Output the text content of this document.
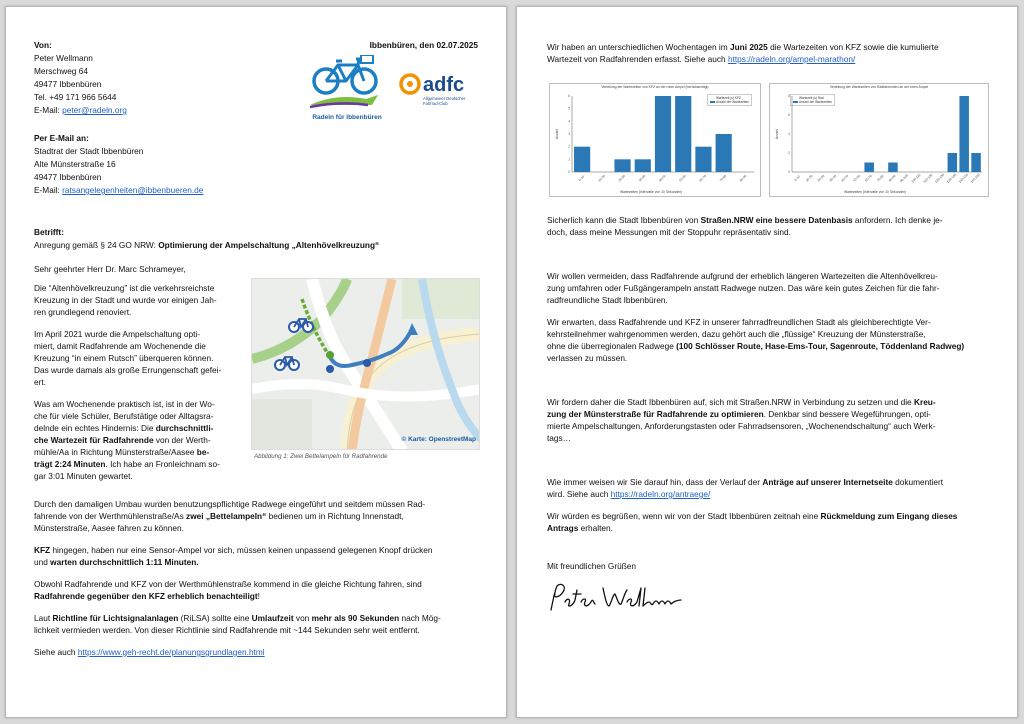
Von:
Peter Wellmann
Merschweg 64
49477 Ibbenbüren
Tel. +49 171 966 5644
E-Mail: peter@radeln.org
Ibbenbüren, den 02.07.2025
Radeln für Ibbenbüren
adfc
Allgemeiner Deutscher
Fahrrad-Club
Per E-Mail an:
Stadtrat der Stadt Ibbenbüren
Alte Münsterstraße 16
49477 Ibbenbüren
E-Mail: ratsangelegenheiten@ibbenbueren.de
Betrifft:
Anregung gemäß § 24 GO NRW: Optimierung der Ampelschaltung „Altenhövelkreuzung“
Sehr geehrter Herr Dr. Marc Schrameyer,
Die “Altenhövelkreuzung” ist die verkehrsreichste
Kreuzung in der Stadt und wurde vor einigen Jah-
ren grundlegend renoviert.
Im April 2021 wurde die Ampelschaltung opti-
miert, damit Radfahrende am Wochenende die
Kreuzung “in einem Rutsch” überqueren können.
Das wurde damals als große Errungenschaft gefei-
ert.
Was am Wochenende praktisch ist, ist in der Wo-
che für viele Schüler, Berufstätige oder Alltagsra-
delnde ein echtes Hindernis: Die durchschnittli-
che Wartezeit für Radfahrende von der Werth-
mühle/Aa in Richtung Münsterstraße/Aasee be-
trägt 2:24 Minuten. Ich habe an Fronleichnam so-
gar 3:01 Minuten gewartet.
© Karte: OpenstreetMap
Abbildung 1: Zwei Bettelampeln für Radfahrende
Durch den damaligen Umbau wurden benutzungspflichtige Radwege eingeführt und seitdem müssen Rad-
fahrende von der Werthmühlenstraße/As zwei „Bettelampeln“ bedienen um in Richtung Innenstadt,
Münsterstraße, Aasee fahren zu können.
KFZ hingegen, haben nur eine Sensor-Ampel vor sich, müssen keinen unpassend gelegenen Knopf drücken
und warten durchschnittlich 1:11 Minuten.
Obwohl Radfahrende und KFZ von der Werthmühlenstraße kommend in die gleiche Richtung fahren, sind
Radfahrende gegenüber den KFZ erheblich benachteiligt!
Laut Richtline für Lichtsignalanlagen (RiLSA) sollte eine Umlaufzeit von mehr als 90 Sekunden nach Mög-
lichkeit vermieden werden. Von dieser Richtlinie sind Radfahrende mit ~144 Sekunden sehr weit entfernt.
Siehe auch https://www.geh-recht.de/planungsgrundlagen.html
Wir haben an unterschiedlichen Wochentagen im Juni 2025 die Wartezeiten von KFZ sowie die kumulierte
Wartezeit von Radfahrenden erfasst. Siehe auch https://radeln.org/ampel-marathon/
Verteilung der Wartezeiten von KFZ an der roten Ampel (berücksichtigt)
Anzahl
Wartezeiten (Intervalle von 10 Sekunden)
Wartezeit (s) KFZ
Anzahl der Wartezeiten
0
1
2
3
4
5
6
0-10	10-20	20-30	30-40	40-50	50-60	60-70	70-80	80-90
Verteilung der Wartezeiten von Radfahrenden an der roten Ampel
Anzahl
Wartezeiten (Intervalle von 10 Sekunden)
Wartezeit (s) Rad
Anzahl der Wartezeiten
0
2
4
6
8
0-10 10-20 20-30 30-40 40-50 50-60 60-70 70-80 80-90 90-100 100-110 110-120 120-130 130-140 140-150 150-160
Sicherlich kann die Stadt Ibbenbüren von Straßen.NRW eine bessere Datenbasis anfordern. Ich denke je-
doch, dass meine Messungen mit der Stoppuhr repräsentativ sind.
Wir wollen vermeiden, dass Radfahrende aufgrund der erheblich längeren Wartezeiten die Altenhövelkreu-
zung umfahren oder Fußgängerampeln anstatt Radwege nutzen. Das wäre kein gutes Zeichen für die fahr-
radfreundliche Stadt Ibbenbüren.
Wir erwarten, dass Radfahrende und KFZ in unserer fahrradfreundlichen Stadt als gleichberechtigte Ver-
kehrsteilnehmer wahrgenommen werden, dazu gehört auch die „flüssige“ Kreuzung der Münsterstraße,
ohne die überregionalen Radwege (100 Schlösser Route, Hase-Ems-Tour, Sagenroute, Töddenland Radweg)
verlassen zu müssen.
Wir fordern daher die Stadt Ibbenbüren auf, sich mit Straßen.NRW in Verbindung zu setzen und die Kreu-
zung der Münsterstraße für Radfahrende zu optimieren. Denkbar sind bessere Wegeführungen, opti-
mierte Ampelschaltungen, Anforderungstasten oder Fahrradsensoren, „Wochenendschaltung“ auch Werk-
tags…
Wie immer weisen wir Sie darauf hin, dass der Verlauf der Anträge auf unserer Internetseite dokumentiert
wird. Siehe auch https://radeln.org/antraege/
Wir würden es begrüßen, wenn wir von der Stadt Ibbenbüren zeitnah eine Rückmeldung zum Eingang dieses
Antrags erhalten.
Mit freundlichen Grüßen
Peter Wellmann
